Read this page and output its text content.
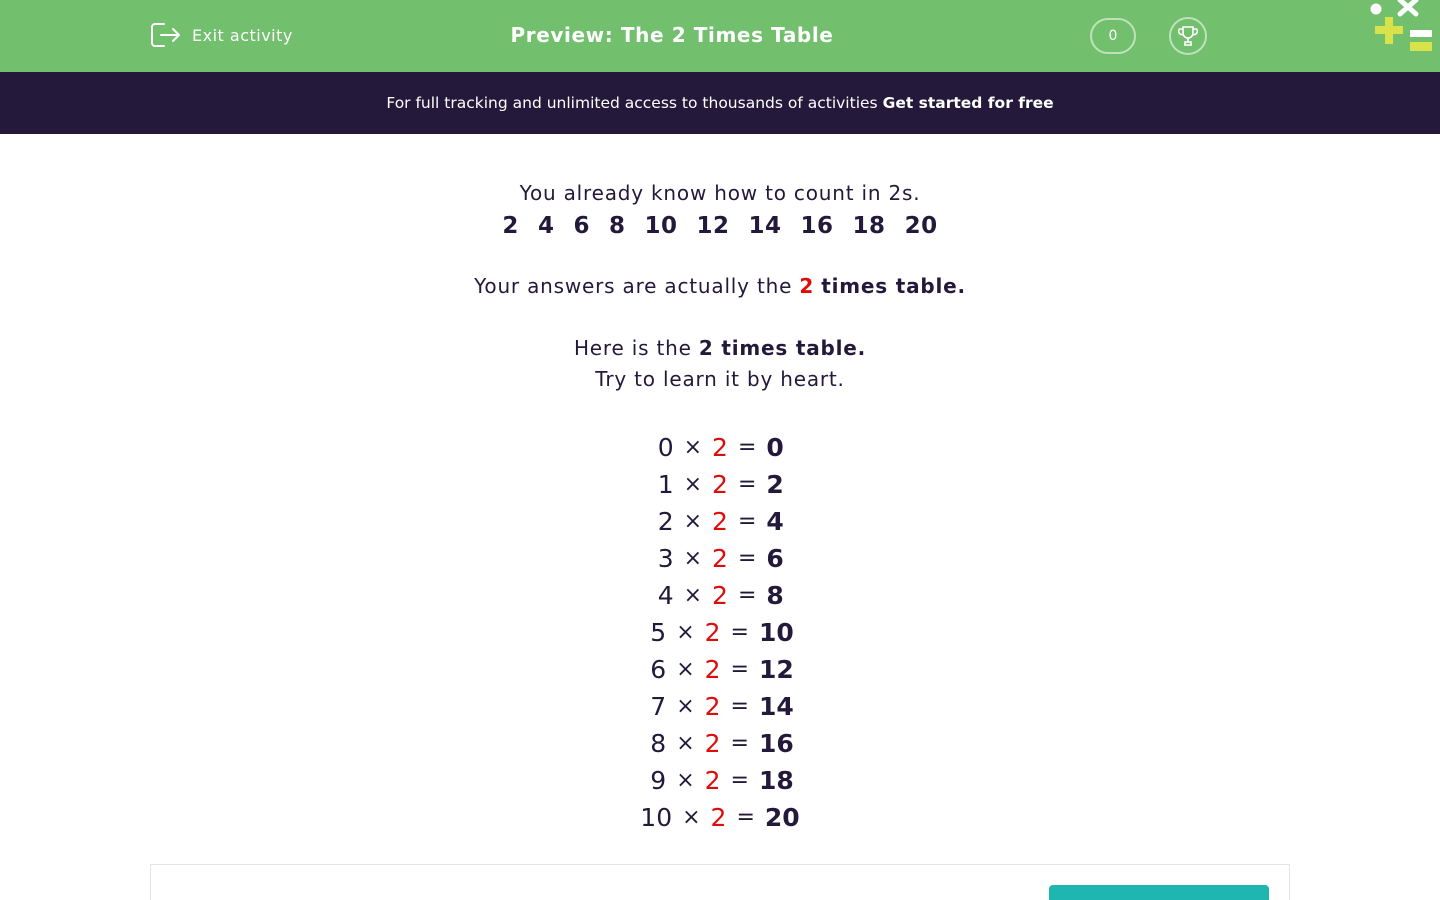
Exit activity	Preview: The 2 Times Table	0
For full tracking and unlimited access to thousands of activities Get started for free
You already know how to count in 2s.
2 4 6 8 10 12 14 16 18 20
Your answers are actually the 2 times table.
Here is the 2 times table.
Try to learn it by heart.
0 × 2 = 0
1 × 2 = 2
2 × 2 = 4
3 × 2 = 6
4 × 2 = 8
5 × 2 = 10
6 × 2 = 12
7 × 2 = 14
8 × 2 = 16
9 × 2 = 18
10 × 2 = 20
